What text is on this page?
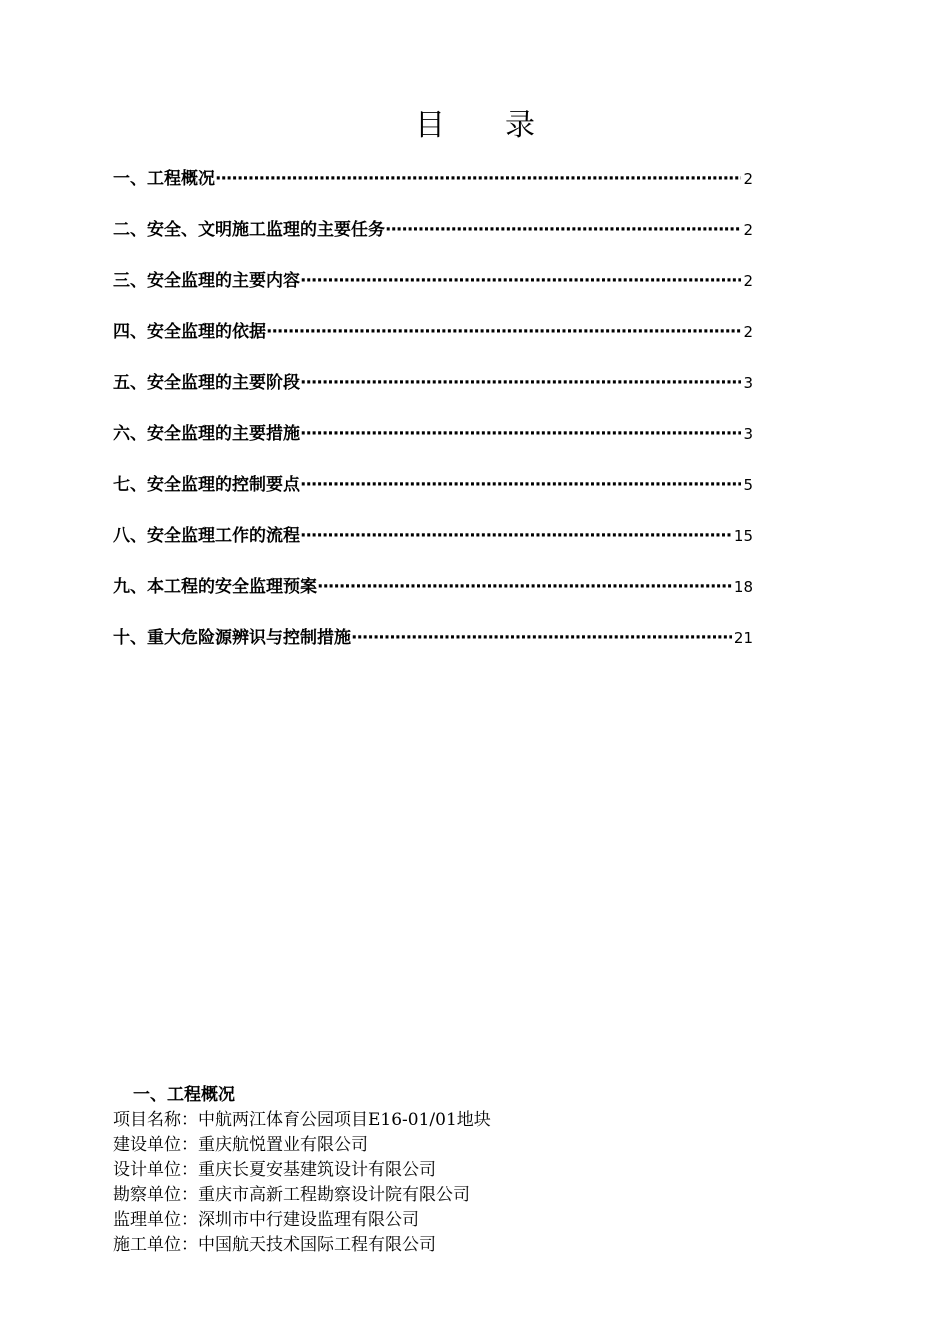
目 录
一、工程概况 ·····	2
二、安全、文明施工监理的主要任务 ·····	2
三、安全监理的主要内容 ·····	2
四、安全监理的依据 ·····	2
五、安全监理的主要阶段 ·····	3
六、安全监理的主要措施 ·····	3
七、安全监理的控制要点 ·····	5
八、安全监理工作的流程 ·····	15
九、本工程的安全监理预案 ·····	18
十、重大危险源辨识与控制措施 ·····	21
一、工程概况
项目名称：中航两江体育公园项目E16-01/01地块
建设单位：重庆航悦置业有限公司
设计单位：重庆长夏安基建筑设计有限公司
勘察单位：重庆市高新工程勘察设计院有限公司
监理单位：深圳市中行建设监理有限公司
施工单位：中国航天技术国际工程有限公司
